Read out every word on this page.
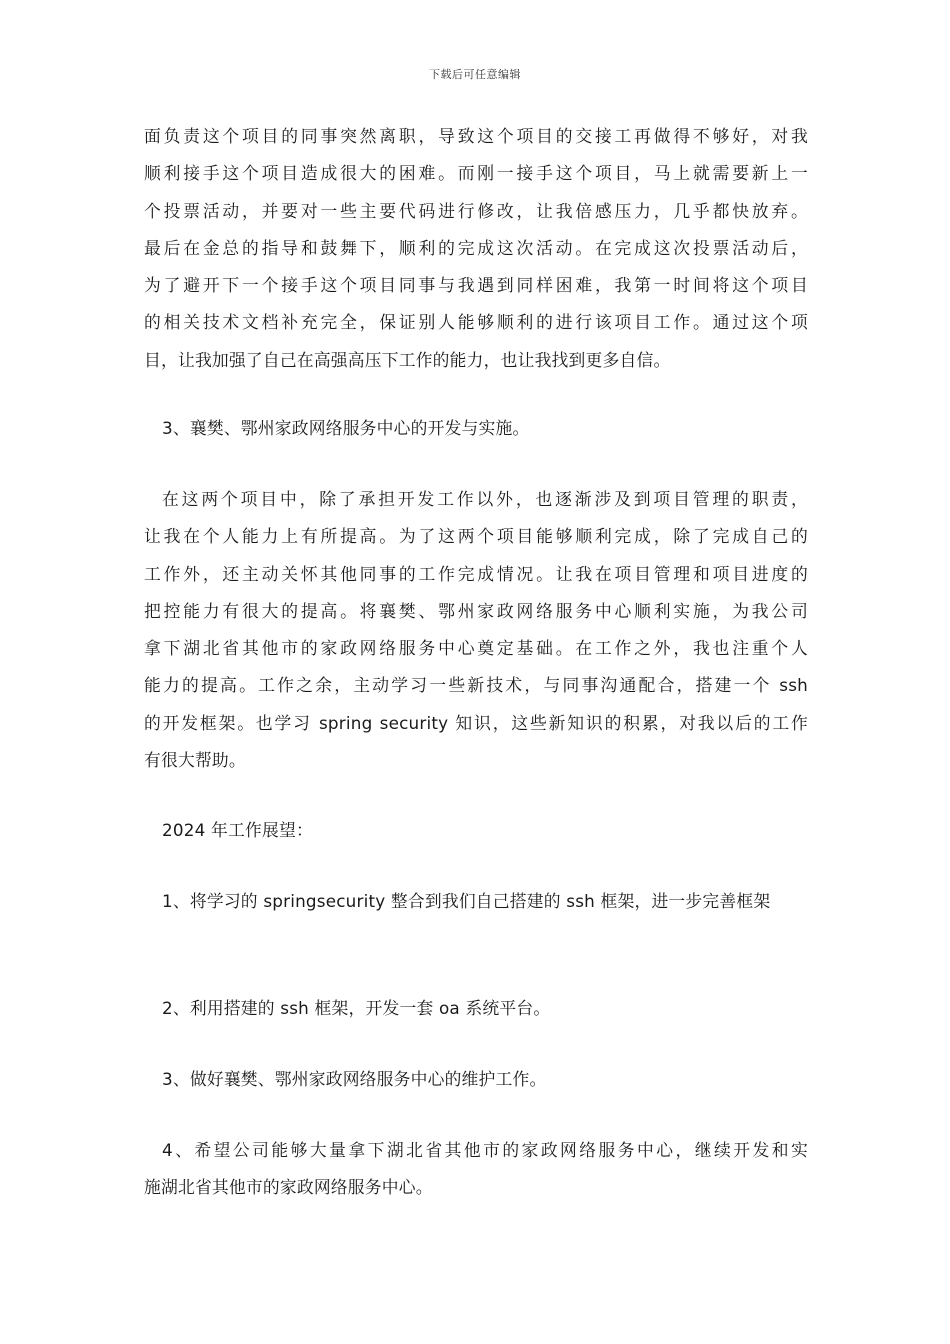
下载后可任意编辑
面负责这个项目的同事突然离职，导致这个项目的交接工再做得不够好，对我
顺利接手这个项目造成很大的困难。而刚一接手这个项目，马上就需要新上一
个投票活动，并要对一些主要代码进行修改，让我倍感压力，几乎都快放弃。
最后在金总的指导和鼓舞下，顺利的完成这次活动。在完成这次投票活动后，
为了避开下一个接手这个项目同事与我遇到同样困难，我第一时间将这个项目
的相关技术文档补充完全，保证别人能够顺利的进行该项目工作。通过这个项
目，让我加强了自己在高强高压下工作的能力，也让我找到更多自信。
3、襄樊、鄂州家政网络服务中心的开发与实施。
在这两个项目中，除了承担开发工作以外，也逐渐涉及到项目管理的职责，
让我在个人能力上有所提高。为了这两个项目能够顺利完成，除了完成自己的
工作外，还主动关怀其他同事的工作完成情况。让我在项目管理和项目进度的
把控能力有很大的提高。将襄樊、鄂州家政网络服务中心顺利实施，为我公司
拿下湖北省其他市的家政网络服务中心奠定基础。在工作之外，我也注重个人
能力的提高。工作之余，主动学习一些新技术，与同事沟通配合，搭建一个 ssh
的开发框架。也学习 spring security 知识，这些新知识的积累，对我以后的工作
有很大帮助。
2024 年工作展望：
1、将学习的 springsecurity 整合到我们自己搭建的 ssh 框架，进一步完善框架
2、利用搭建的 ssh 框架，开发一套 oa 系统平台。
3、做好襄樊、鄂州家政网络服务中心的维护工作。
4、希望公司能够大量拿下湖北省其他市的家政网络服务中心，继续开发和实
施湖北省其他市的家政网络服务中心。
